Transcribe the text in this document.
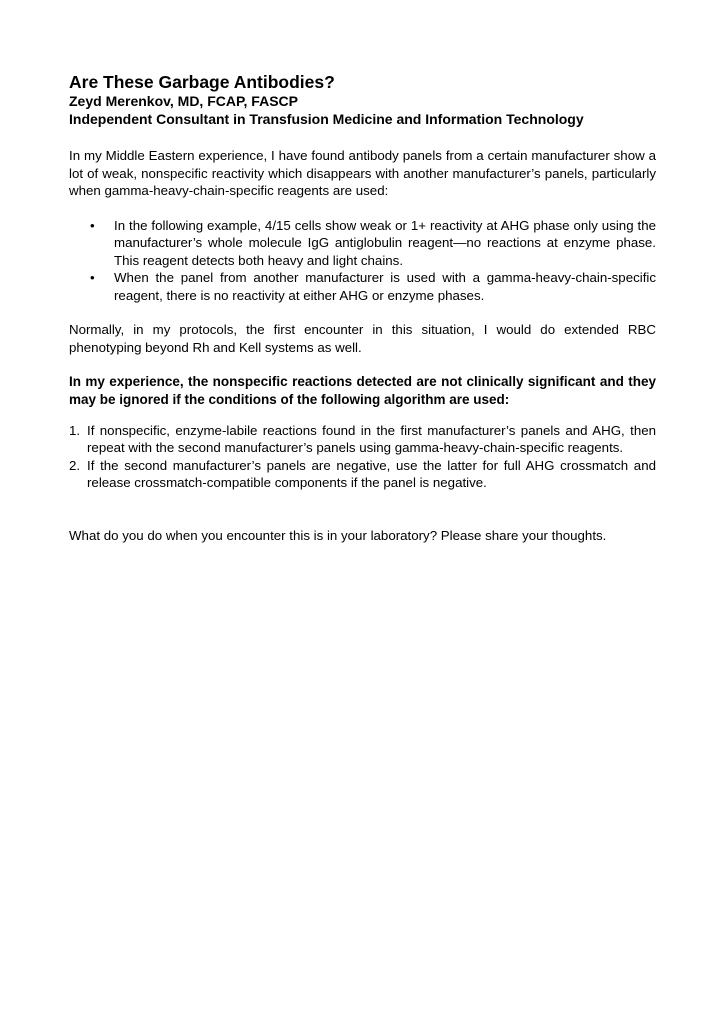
Are These Garbage Antibodies?

Zeyd Merenkov, MD, FCAP, FASCP

Independent Consultant in Transfusion Medicine and Information Technology

In my Middle Eastern experience, I have found antibody panels from a certain manufacturer show a lot of weak, nonspecific reactivity which disappears with another manufacturer’s panels, particularly when gamma-heavy-chain-specific reagents are used:

• In the following example, 4/15 cells show weak or 1+ reactivity at AHG phase only using the manufacturer’s whole molecule IgG antiglobulin reagent—no reactions at enzyme phase. This reagent detects both heavy and light chains.
• When the panel from another manufacturer is used with a gamma-heavy-chain-specific reagent, there is no reactivity at either AHG or enzyme phases.

Normally, in my protocols, the first encounter in this situation, I would do extended RBC phenotyping beyond Rh and Kell systems as well.

In my experience, the nonspecific reactions detected are not clinically significant and they may be ignored if the conditions of the following algorithm are used:

1. If nonspecific, enzyme-labile reactions found in the first manufacturer’s panels and AHG, then repeat with the second manufacturer’s panels using gamma-heavy-chain-specific reagents.
2. If the second manufacturer’s panels are negative, use the latter for full AHG crossmatch and release crossmatch-compatible components if the panel is negative.

What do you do when you encounter this is in your laboratory? Please share your thoughts.
